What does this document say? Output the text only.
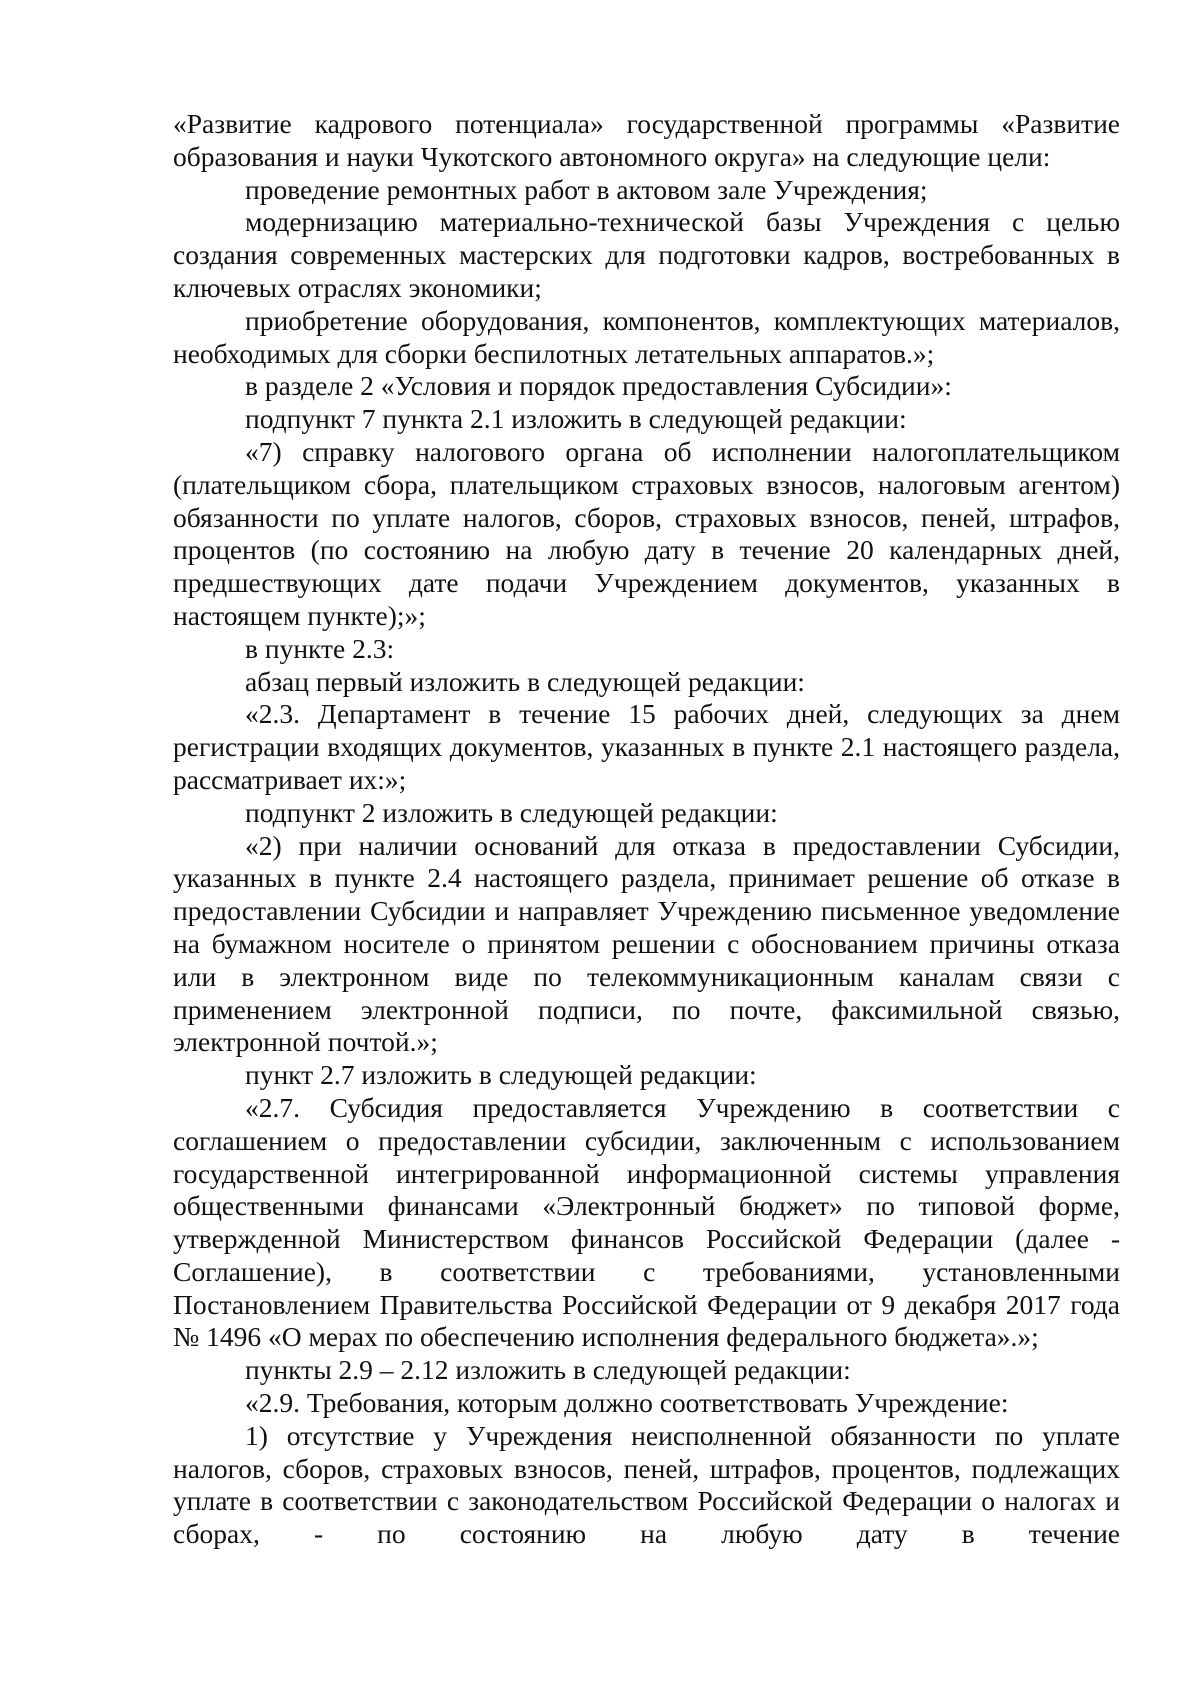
«Развитие кадрового потенциала» государственной программы «Развитие образования и науки Чукотского автономного округа» на следующие цели:

проведение ремонтных работ в актовом зале Учреждения;

модернизацию материально-технической базы Учреждения с целью создания современных мастерских для подготовки кадров, востребованных в ключевых отраслях экономики;

приобретение оборудования, компонентов, комплектующих материалов, необходимых для сборки беспилотных летательных аппаратов.»;

в разделе 2 «Условия и порядок предоставления Субсидии»:

подпункт 7 пункта 2.1 изложить в следующей редакции:

«7) справку налогового органа об исполнении налогоплательщиком (плательщиком сбора, плательщиком страховых взносов, налоговым агентом) обязанности по уплате налогов, сборов, страховых взносов, пеней, штрафов, процентов (по состоянию на любую дату в течение 20 календарных дней, предшествующих дате подачи Учреждением документов, указанных в настоящем пункте);»;

в пункте 2.3:

абзац первый изложить в следующей редакции:

«2.3. Департамент в течение 15 рабочих дней, следующих за днем регистрации входящих документов, указанных в пункте 2.1 настоящего раздела, рассматривает их:»;

подпункт 2 изложить в следующей редакции:

«2) при наличии оснований для отказа в предоставлении Субсидии, указанных в пункте 2.4 настоящего раздела, принимает решение об отказе в предоставлении Субсидии и направляет Учреждению письменное уведомление на бумажном носителе о принятом решении с обоснованием причины отказа или в электронном виде по телекоммуникационным каналам связи с применением электронной подписи, по почте, факсимильной связью, электронной почтой.»;

пункт 2.7 изложить в следующей редакции:

«2.7. Субсидия предоставляется Учреждению в соответствии с соглашением о предоставлении субсидии, заключенным с использованием государственной интегрированной информационной системы управления общественными финансами «Электронный бюджет» по типовой форме, утвержденной Министерством финансов Российской Федерации (далее - Соглашение), в соответствии с требованиями, установленными Постановлением Правительства Российской Федерации от 9 декабря 2017 года № 1496 «О мерах по обеспечению исполнения федерального бюджета».»;

пункты 2.9 – 2.12 изложить в следующей редакции:

«2.9. Требования, которым должно соответствовать Учреждение:

1) отсутствие у Учреждения неисполненной обязанности по уплате налогов, сборов, страховых взносов, пеней, штрафов, процентов, подлежащих уплате в соответствии с законодательством Российской Федерации о налогах и сборах, - по состоянию на любую дату в течение
